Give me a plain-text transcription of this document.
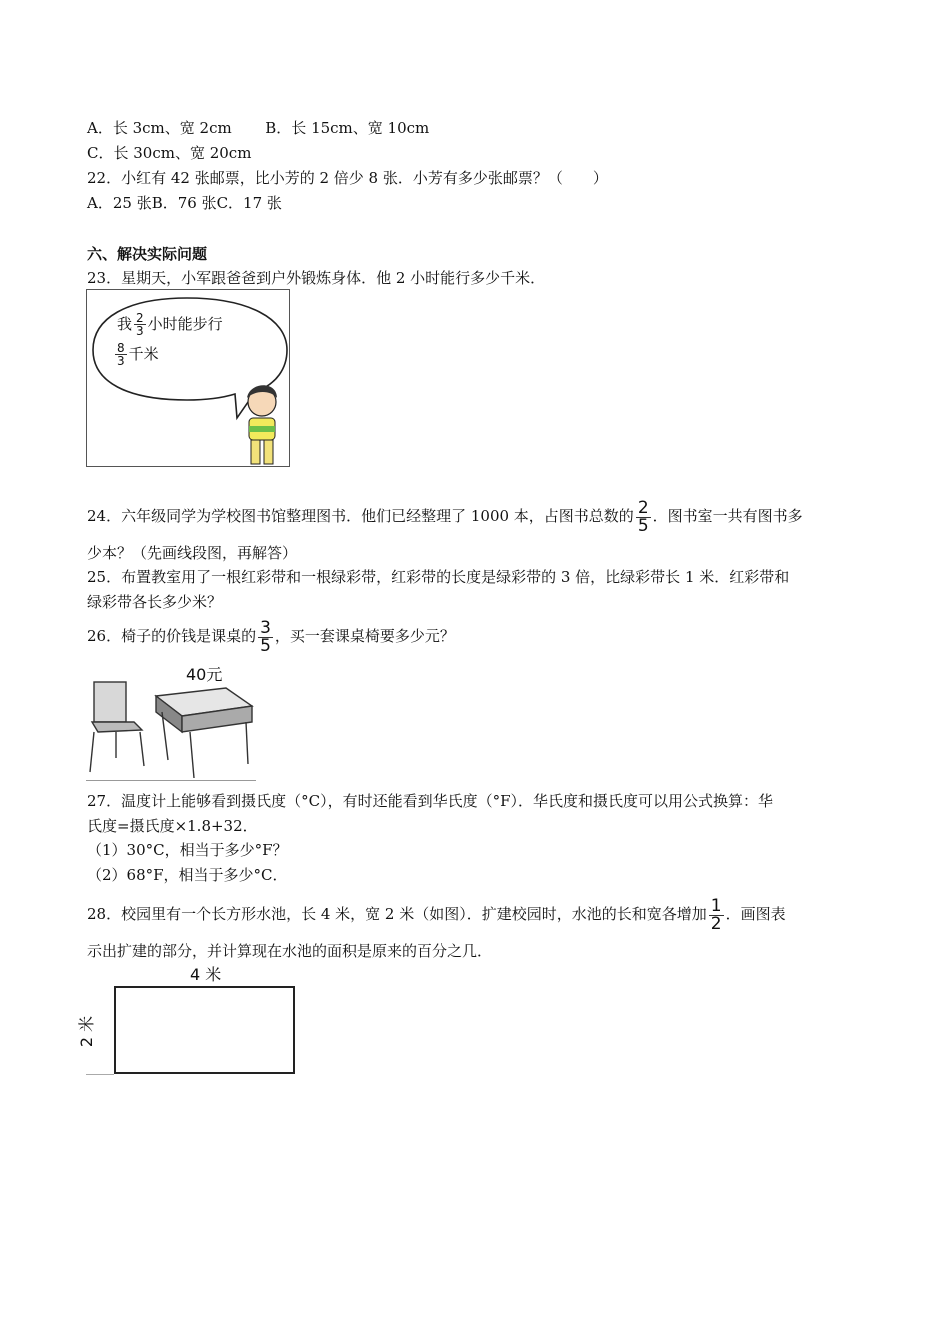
A．长 3cm、宽 2cm B．长 15cm、宽 10cm
C．长 30cm、宽 20cm
22．小红有 42 张邮票，比小芳的 2 倍少 8 张．小芳有多少张邮票？（　　）
A．25 张B．76 张C．17 张
六、解决实际问题
23．星期天，小军跟爸爸到户外锻炼身体．他 2 小时能行多少千米．
我 $\frac{2}{3}$ 小时能步行
$\frac{8}{3}$ 千米
24．六年级同学为学校图书馆整理图书．他们已经整理了 1000 本，占图书总数的 $\frac{2}{5}$ ．图书室一共有图书多
少本？（先画线段图，再解答）
25．布置教室用了一根红彩带和一根绿彩带，红彩带的长度是绿彩带的 3 倍，比绿彩带长 1 米．红彩带和
绿彩带各长多少米？
26．椅子的价钱是课桌的 $\frac{3}{5}$ ，买一套课桌椅要多少元？
40元
27．温度计上能够看到摄氏度（°C），有时还能看到华氏度（°F）．华氏度和摄氏度可以用公式换算：华
氏度=摄氏度×1.8+32．
（1）30°C，相当于多少°F？
（2）68°F，相当于多少°C．
28．校园里有一个长方形水池，长 4 米，宽 2 米（如图）．扩建校园时，水池的长和宽各增加 $\frac{1}{2}$ ．画图表
示出扩建的部分，并计算现在水池的面积是原来的百分之几．
4 米
2 米
